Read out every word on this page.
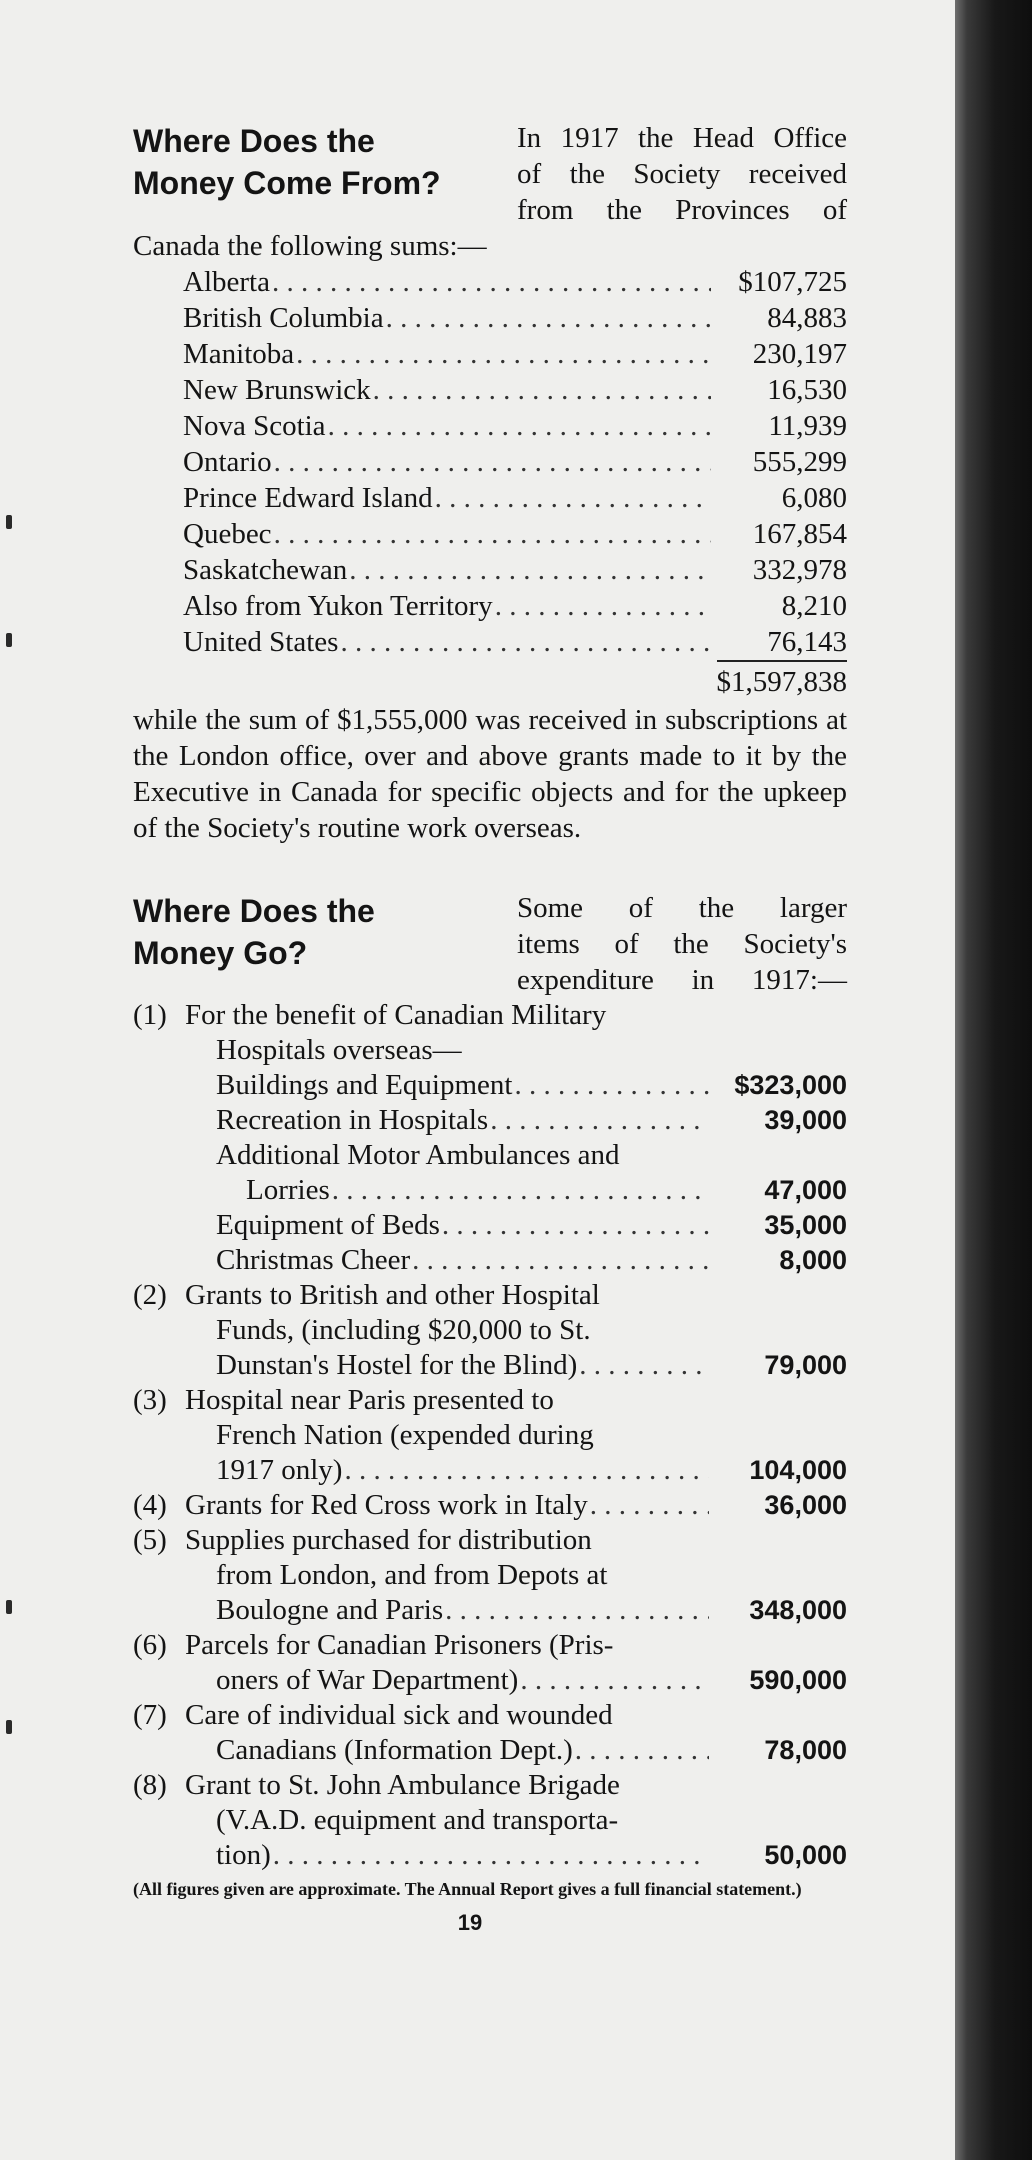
Where Does the
Money Come From?

In 1917 the Head Office
of the Society received
from the Provinces of

Canada the following sums:—

Alberta . . .	$107,725
British Columbia . . .	84,883
Manitoba . . .	230,197
New Brunswick . . .	16,530
Nova Scotia . . .	11,939
Ontario . . .	555,299
Prince Edward Island . . .	6,080
Quebec . . .	167,854
Saskatchewan . . .	332,978
Also from Yukon Territory . . .	8,210
United States . . .	76,143
$1,597,838

while the sum of $1,555,000 was received in subscriptions at the London office, over and above grants made to it by the Executive in Canada for specific objects and for the upkeep of the Society's routine work overseas.

Where Does the
Money Go?

Some of the larger
items of the Society's
expenditure in 1917:—

(1) For the benefit of Canadian Military
Hospitals overseas—
Buildings and Equipment . . .	$323,000
Recreation in Hospitals . . .	39,000
Additional Motor Ambulances and
Lorries . . .	47,000
Equipment of Beds . . .	35,000
Christmas Cheer . . .	8,000
(2) Grants to British and other Hospital
Funds, (including $20,000 to St.
Dunstan's Hostel for the Blind) . . .	79,000
(3) Hospital near Paris presented to
French Nation (expended during
1917 only) . . .	104,000
(4) Grants for Red Cross work in Italy . . .	36,000
(5) Supplies purchased for distribution
from London, and from Depots at
Boulogne and Paris . . .	348,000
(6) Parcels for Canadian Prisoners (Pris-
oners of War Department) . . .	590,000
(7) Care of individual sick and wounded
Canadians (Information Dept.) . . .	78,000
(8) Grant to St. John Ambulance Brigade
(V.A.D. equipment and transporta-
tion) . . .	50,000
(All figures given are approximate. The Annual Report gives a full financial statement.)
19
